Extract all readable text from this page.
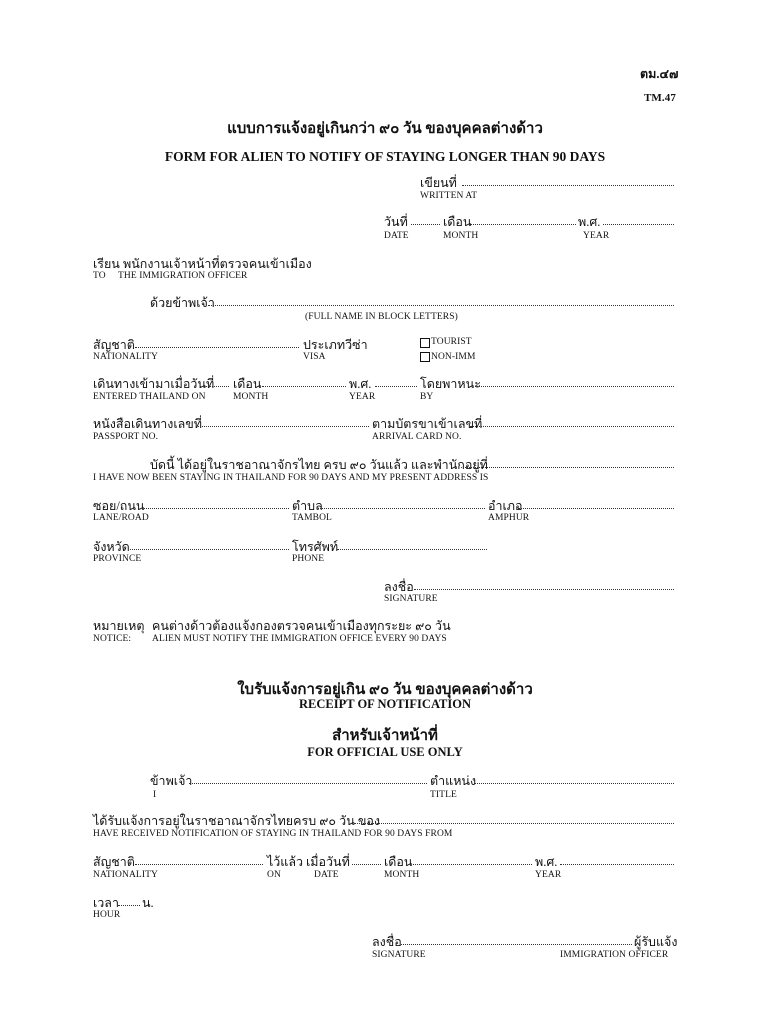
ตม.๔๗
TM.47
แบบการแจ้งอยู่เกินกว่า ๙๐ วัน ของบุคคลต่างด้าว
FORM FOR ALIEN TO NOTIFY OF STAYING LONGER THAN 90 DAYS
เขียนที่
WRITTEN AT
วันที่	เดือน	พ.ศ.
DATE	MONTH	YEAR
เรียน พนักงานเจ้าหน้าที่ตรวจคนเข้าเมือง
TO THE IMMIGRATION OFFICER
ด้วยข้าพเจ้า
(FULL NAME IN BLOCK LETTERS)
สัญชาติ
NATIONALITY
ประเภทวีซ่า
VISA
TOURIST
NON-IMM
เดินทางเข้ามาเมื่อวันที่ เดือน	พ.ศ.	โดยพาหนะ
ENTERED THAILAND ON	MONTH	YEAR	BY
หนังสือเดินทางเลขที่	ตามบัตรขาเข้าเลขที่
PASSPORT NO.	ARRIVAL CARD NO.
บัดนี้ ได้อยู่ในราชอาณาจักรไทย ครบ ๙๐ วันแล้ว และพำนักอยู่ที่
I HAVE NOW BEEN STAYING IN THAILAND FOR 90 DAYS AND MY PRESENT ADDRESS IS
ซอย/ถนน	ตำบล	อำเภอ
LANE/ROAD	TAMBOL	AMPHUR
จังหวัด	โทรศัพท์
PROVINCE	PHONE
ลงชื่อ
SIGNATURE
หมายเหตุ คนต่างด้าวต้องแจ้งกองตรวจคนเข้าเมืองทุกระยะ ๙๐ วัน
NOTICE: ALIEN MUST NOTIFY THE IMMIGRATION OFFICE EVERY 90 DAYS
ใบรับแจ้งการอยู่เกิน ๙๐ วัน ของบุคคลต่างด้าว
RECEIPT OF NOTIFICATION
สำหรับเจ้าหน้าที่
FOR OFFICIAL USE ONLY
ข้าพเจ้า	ตำแหน่ง
I	TITLE
ได้รับแจ้งการอยู่ในราชอาณาจักรไทยครบ ๙๐ วัน ของ
HAVE RECEIVED NOTIFICATION OF STAYING IN THAILAND FOR 90 DAYS FROM
สัญชาติ	ไว้แล้ว เมื่อวันที่	เดือน	พ.ศ.
NATIONALITY	ON	DATE	MONTH	YEAR
เวลา น.
HOUR
ลงชื่อ	ผู้รับแจ้ง
SIGNATURE	IMMIGRATION OFFICER
